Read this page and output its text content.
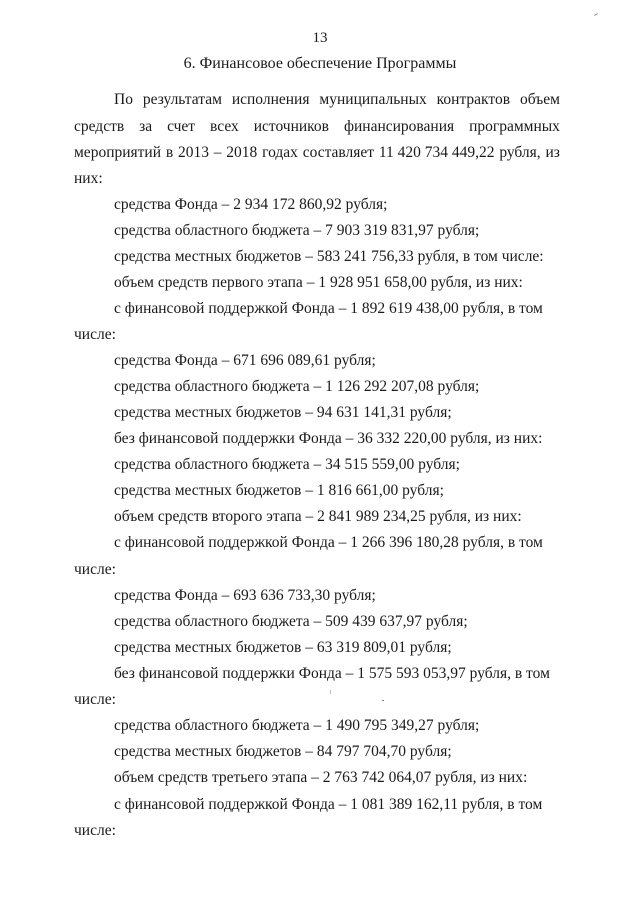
13
6. Финансовое обеспечение Программы
По результатам исполнения муниципальных контрактов объем
средств за счет всех источников финансирования программных
мероприятий в 2013 – 2018 годах составляет 11 420 734 449,22 рубля, из
них:
средства Фонда – 2 934 172 860,92 рубля;
средства областного бюджета – 7 903 319 831,97 рубля;
средства местных бюджетов – 583 241 756,33 рубля, в том числе:
объем средств первого этапа – 1 928 951 658,00 рубля, из них:
с финансовой поддержкой Фонда – 1 892 619 438,00 рубля, в том
числе:
средства Фонда – 671 696 089,61 рубля;
средства областного бюджета – 1 126 292 207,08 рубля;
средства местных бюджетов – 94 631 141,31 рубля;
без финансовой поддержки Фонда – 36 332 220,00 рубля, из них:
средства областного бюджета – 34 515 559,00 рубля;
средства местных бюджетов – 1 816 661,00 рубля;
объем средств второго этапа – 2 841 989 234,25 рубля, из них:
с финансовой поддержкой Фонда – 1 266 396 180,28 рубля, в том
числе:
средства Фонда – 693 636 733,30 рубля;
средства областного бюджета – 509 439 637,97 рубля;
средства местных бюджетов – 63 319 809,01 рубля;
без финансовой поддержки Фонда – 1 575 593 053,97 рубля, в том
числе:
средства областного бюджета – 1 490 795 349,27 рубля;
средства местных бюджетов – 84 797 704,70 рубля;
объем средств третьего этапа – 2 763 742 064,07 рубля, из них:
с финансовой поддержкой Фонда – 1 081 389 162,11 рубля, в том
числе:
